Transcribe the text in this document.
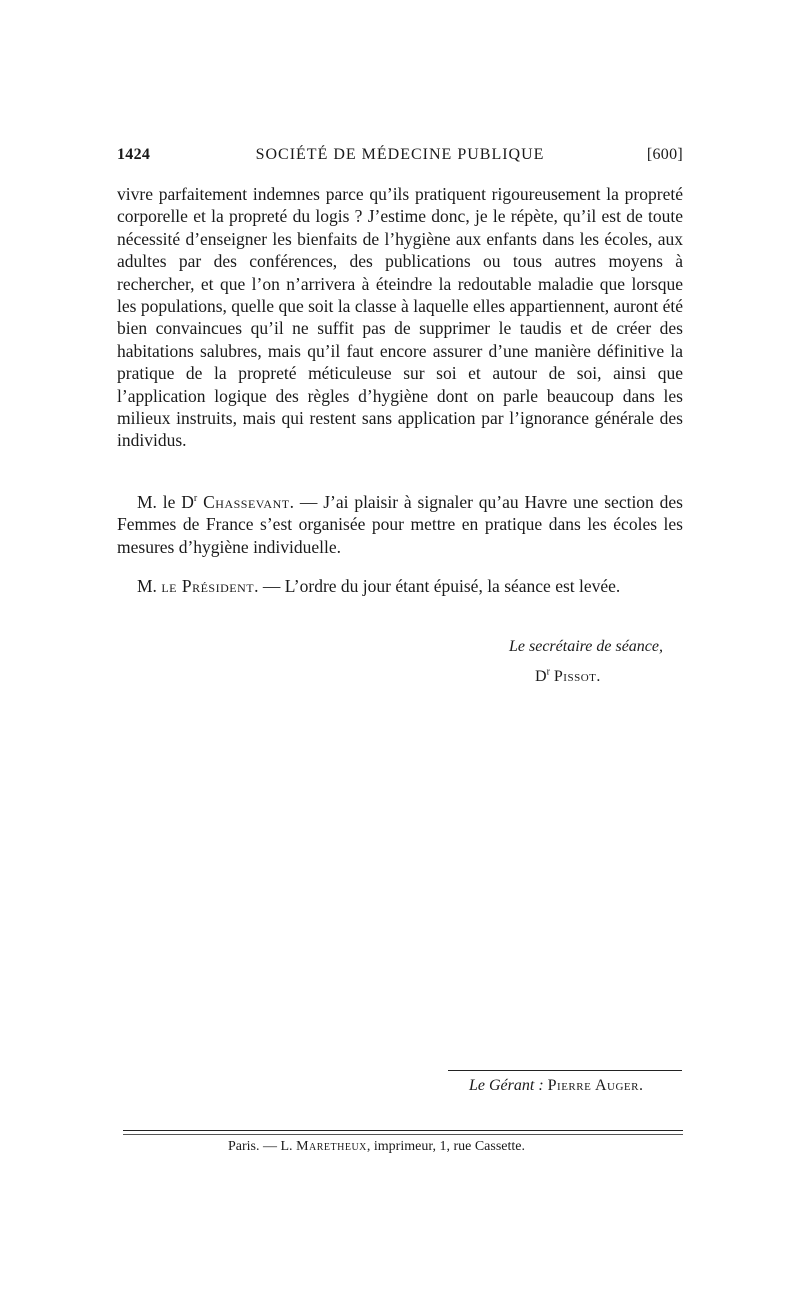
1424	SOCIÉTÉ DE MÉDECINE PUBLIQUE	[600]

vivre parfaitement indemnes parce qu’ils pratiquent rigoureusement la propreté corporelle et la propreté du logis ? J’estime donc, je le répète, qu’il est de toute nécessité d’enseigner les bienfaits de l’hygiène aux enfants dans les écoles, aux adultes par des conférences, des publications ou tous autres moyens à rechercher, et que l’on n’arrivera à éteindre la redoutable maladie que lorsque les populations, quelle que soit la classe à laquelle elles appartiennent, auront été bien convaincues qu’il ne suffit pas de supprimer le taudis et de créer des habitations salubres, mais qu’il faut encore assurer d’une manière définitive la pratique de la propreté méticuleuse sur soi et autour de soi, ainsi que l’application logique des règles d’hygiène dont on parle beaucoup dans les milieux instruits, mais qui restent sans application par l’ignorance générale des individus.

M. le $D^r$ Chassevant. — J’ai plaisir à signaler qu’au Havre une section des Femmes de France s’est organisée pour mettre en pratique dans les écoles les mesures d’hygiène individuelle.

M. le Président. — L’ordre du jour étant épuisé, la séance est levée.

Le secrétaire de séance,
$D^r$ Pissot.
Le Gérant : Pierre Auger.
Paris. — L. Maretheux, imprimeur, 1, rue Cassette.
